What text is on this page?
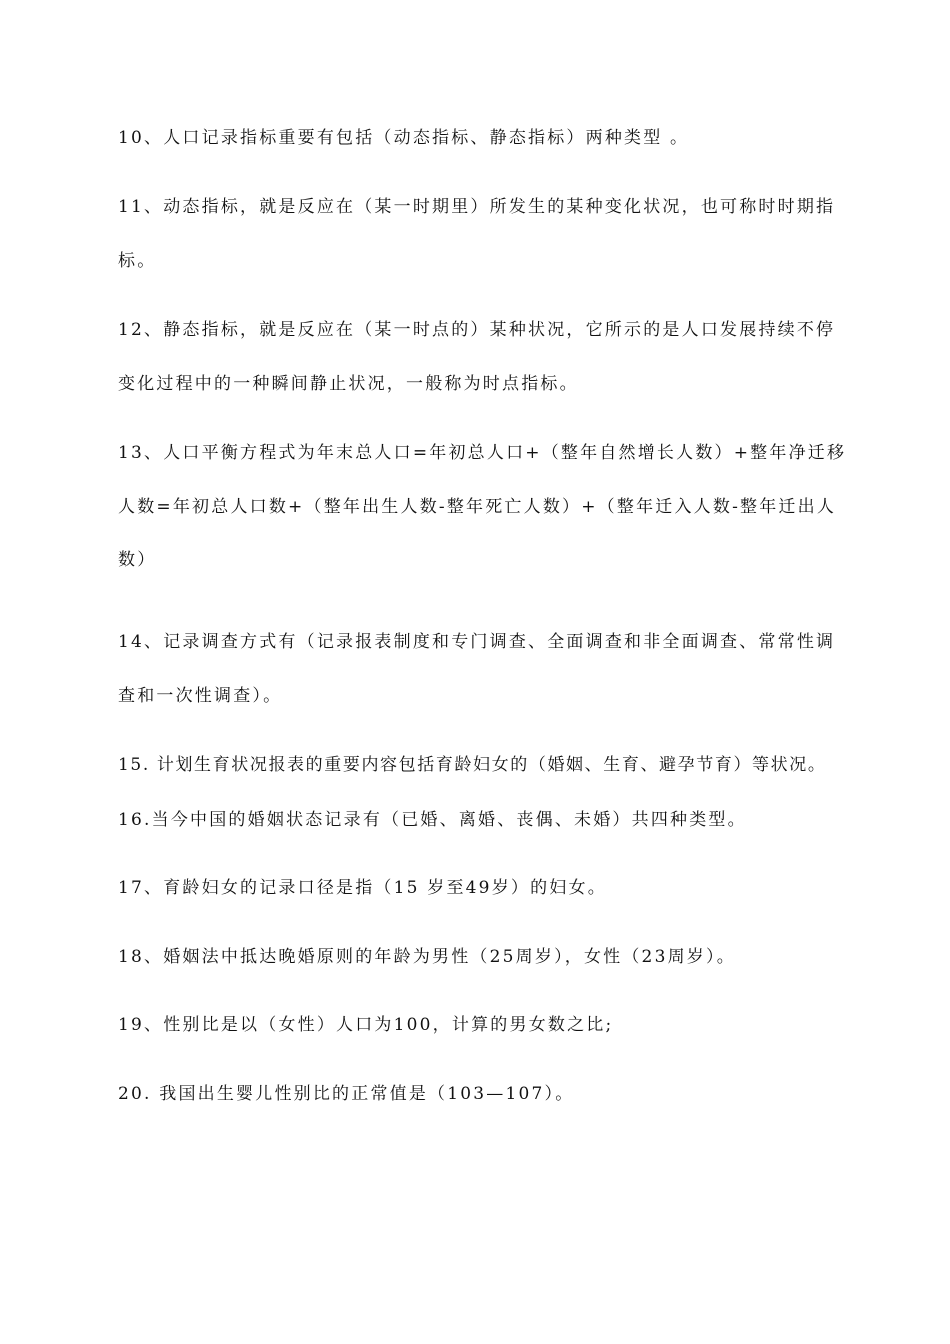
10、人口记录指标重要有包括（动态指标、静态指标）两种类型 。
11、动态指标，就是反应在（某一时期里）所发生的某种变化状况，也可称时时期指
标。
12、静态指标，就是反应在（某一时点的）某种状况，它所示的是人口发展持续不停
变化过程中的一种瞬间静止状况，一般称为时点指标。
13、人口平衡方程式为年末总人口=年初总人口+（整年自然增长人数）+整年净迁移
人数=年初总人口数+（整年出生人数-整年死亡人数）+（整年迁入人数-整年迁出人
数）
14、记录调查方式有（记录报表制度和专门调查、全面调查和非全面调查、常常性调
查和一次性调查）。
15. 计划生育状况报表的重要内容包括育龄妇女的（婚姻、生育、避孕节育）等状况。
16.当今中国的婚姻状态记录有（已婚、离婚、丧偶、未婚）共四种类型。
17、育龄妇女的记录口径是指（15 岁至49岁）的妇女。
18、婚姻法中抵达晚婚原则的年龄为男性（25周岁），女性（23周岁）。
19、性别比是以（女性）人口为100，计算的男女数之比;
20. 我国出生婴儿性别比的正常值是（103—107）。
